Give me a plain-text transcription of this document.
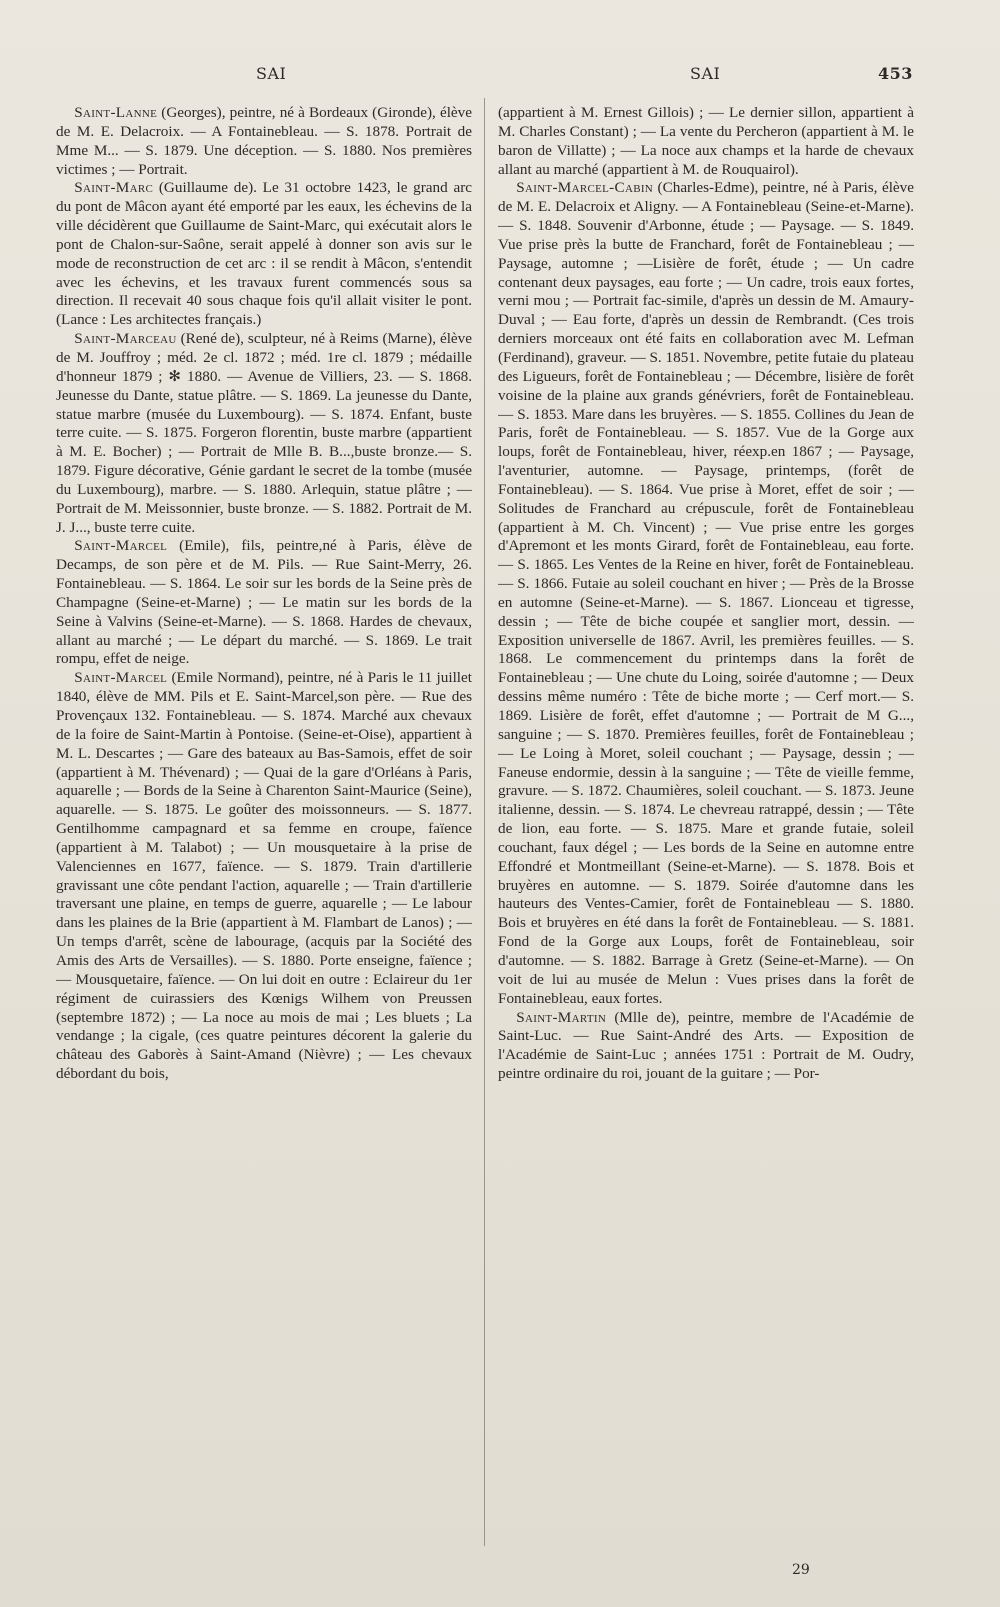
SAI	SAI	453

Saint-Lanne (Georges), peintre, né à Bordeaux (Gironde), élève de M. E. Delacroix. — A Fontainebleau. — S. 1878. Portrait de Mme M... — S. 1879. Une déception. — S. 1880. Nos premières victimes ; — Portrait.

Saint-Marc (Guillaume de). Le 31 octobre 1423, le grand arc du pont de Mâcon ayant été emporté par les eaux, les échevins de la ville décidèrent que Guillaume de Saint-Marc, qui exécutait alors le pont de Chalon-sur-Saône, serait appelé à donner son avis sur le mode de reconstruction de cet arc : il se rendit à Mâcon, s'entendit avec les échevins, et les travaux furent commencés sous sa direction. Il recevait 40 sous chaque fois qu'il allait visiter le pont. (Lance : Les architectes français.)

Saint-Marceau (René de), sculpteur, né à Reims (Marne), élève de M. Jouffroy ; méd. 2e cl. 1872 ; méd. 1re cl. 1879 ; médaille d'honneur 1879 ; ✻ 1880. — Avenue de Villiers, 23. — S. 1868. Jeunesse du Dante, statue plâtre. — S. 1869. La jeunesse du Dante, statue marbre (musée du Luxembourg). — S. 1874. Enfant, buste terre cuite. — S. 1875. Forgeron florentin, buste marbre (appartient à M. E. Bocher) ; — Portrait de Mlle B. B...,buste bronze.— S. 1879. Figure décorative, Génie gardant le secret de la tombe (musée du Luxembourg), marbre. — S. 1880. Arlequin, statue plâtre ; — Portrait de M. Meissonnier, buste bronze. — S. 1882. Portrait de M. J. J..., buste terre cuite.

Saint-Marcel (Emile), fils, peintre,né à Paris, élève de Decamps, de son père et de M. Pils. — Rue Saint-Merry, 26. Fontainebleau. — S. 1864. Le soir sur les bords de la Seine près de Champagne (Seine-et-Marne) ; — Le matin sur les bords de la Seine à Valvins (Seine-et-Marne). — S. 1868. Hardes de chevaux, allant au marché ; — Le départ du marché. — S. 1869. Le trait rompu, effet de neige.

Saint-Marcel (Emile Normand), peintre, né à Paris le 11 juillet 1840, élève de MM. Pils et E. Saint-Marcel,son père. — Rue des Provençaux 132. Fontainebleau. — S. 1874. Marché aux chevaux de la foire de Saint-Martin à Pontoise. (Seine-et-Oise), appartient à M. L. Descartes ; — Gare des bateaux au Bas-Samois, effet de soir (appartient à M. Thévenard) ; — Quai de la gare d'Orléans à Paris, aquarelle ; — Bords de la Seine à Charenton Saint-Maurice (Seine), aquarelle. — S. 1875. Le goûter des moissonneurs. — S. 1877. Gentilhomme campagnard et sa femme en croupe, faïence (appartient à M. Talabot) ; — Un mousquetaire à la prise de Valenciennes en 1677, faïence. — S. 1879. Train d'artillerie gravissant une côte pendant l'action, aquarelle ; — Train d'artillerie traversant une plaine, en temps de guerre, aquarelle ; — Le labour dans les plaines de la Brie (appartient à M. Flambart de Lanos) ; — Un temps d'arrêt, scène de labourage, (acquis par la Société des Amis des Arts de Versailles). — S. 1880. Porte enseigne, faïence ; — Mousquetaire, faïence. — On lui doit en outre : Eclaireur du 1er régiment de cuirassiers des Kœnigs Wilhem von Preussen (septembre 1872) ; — La noce au mois de mai ; Les bluets ; La vendange ; la cigale, (ces quatre peintures décorent la galerie du château des Gaborès à Saint-Amand (Nièvre) ; — Les chevaux débordant du bois,

(appartient à M. Ernest Gillois) ; — Le dernier sillon, appartient à M. Charles Constant) ; — La vente du Percheron (appartient à M. le baron de Villatte) ; — La noce aux champs et la harde de chevaux allant au marché (appartient à M. de Rouquairol).

Saint-Marcel-Cabin (Charles-Edme), peintre, né à Paris, élève de M. E. Delacroix et Aligny. — A Fontainebleau (Seine-et-Marne). — S. 1848. Souvenir d'Arbonne, étude ; — Paysage. — S. 1849. Vue prise près la butte de Franchard, forêt de Fontainebleau ; — Paysage, automne ; —Lisière de forêt, étude ; — Un cadre contenant deux paysages, eau forte ; — Un cadre, trois eaux fortes, verni mou ; — Portrait fac-simile, d'après un dessin de M. Amaury-Duval ; — Eau forte, d'après un dessin de Rembrandt. (Ces trois derniers morceaux ont été faits en collaboration avec M. Lefman (Ferdinand), graveur. — S. 1851. Novembre, petite futaie du plateau des Ligueurs, forêt de Fontainebleau ; — Décembre, lisière de forêt voisine de la plaine aux grands génévriers, forêt de Fontainebleau. — S. 1853. Mare dans les bruyères. — S. 1855. Collines du Jean de Paris, forêt de Fontainebleau. — S. 1857. Vue de la Gorge aux loups, forêt de Fontainebleau, hiver, réexp.en 1867 ; — Paysage, l'aventurier, automne. — Paysage, printemps, (forêt de Fontainebleau). — S. 1864. Vue prise à Moret, effet de soir ; — Solitudes de Franchard au crépuscule, forêt de Fontainebleau (appartient à M. Ch. Vincent) ; — Vue prise entre les gorges d'Apremont et les monts Girard, forêt de Fontainebleau, eau forte. — S. 1865. Les Ventes de la Reine en hiver, forêt de Fontainebleau. — S. 1866. Futaie au soleil couchant en hiver ; — Près de la Brosse en automne (Seine-et-Marne). — S. 1867. Lionceau et tigresse, dessin ; — Tête de biche coupée et sanglier mort, dessin. — Exposition universelle de 1867. Avril, les premières feuilles. — S. 1868. Le commencement du printemps dans la forêt de Fontainebleau ; — Une chute du Loing, soirée d'automne ; — Deux dessins même numéro : Tête de biche morte ; — Cerf mort.— S. 1869. Lisière de forêt, effet d'automne ; — Portrait de M G..., sanguine ; — S. 1870. Premières feuilles, forêt de Fontainebleau ; — Le Loing à Moret, soleil couchant ; — Paysage, dessin ; — Faneuse endormie, dessin à la sanguine ; — Tête de vieille femme, gravure. — S. 1872. Chaumières, soleil couchant. — S. 1873. Jeune italienne, dessin. — S. 1874. Le chevreau ratrappé, dessin ; — Tête de lion, eau forte. — S. 1875. Mare et grande futaie, soleil couchant, faux dégel ; — Les bords de la Seine en automne entre Effondré et Montmeillant (Seine-et-Marne). — S. 1878. Bois et bruyères en automne. — S. 1879. Soirée d'automne dans les hauteurs des Ventes-Camier, forêt de Fontainebleau — S. 1880. Bois et bruyères en été dans la forêt de Fontainebleau. — S. 1881. Fond de la Gorge aux Loups, forêt de Fontainebleau, soir d'automne. — S. 1882. Barrage à Gretz (Seine-et-Marne). — On voit de lui au musée de Melun : Vues prises dans la forêt de Fontainebleau, eaux fortes.

Saint-Martin (Mlle de), peintre, membre de l'Académie de Saint-Luc. — Rue Saint-André des Arts. — Exposition de l'Académie de Saint-Luc ; années 1751 : Portrait de M. Oudry, peintre ordinaire du roi, jouant de la guitare ; — Por-

29
